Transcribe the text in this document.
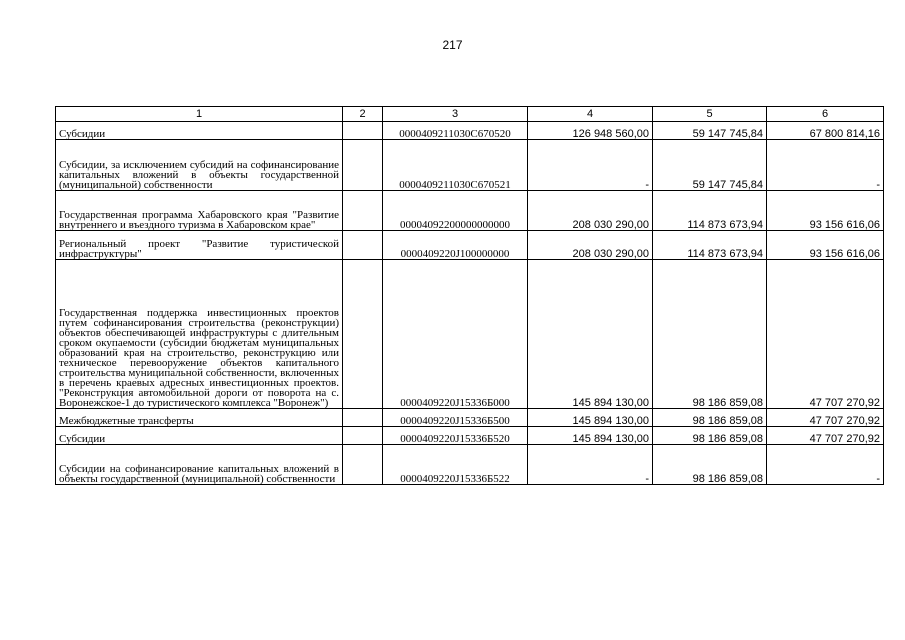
217
1	2	3	4	5	6
Субсидии		0000409211030С670520	126 948 560,00	59 147 745,84	67 800 814,16
Субсидии, за исключением субсидий на софинансирование капитальных вложений в объекты государственной (муниципальной) собственности		0000409211030С670521	-	59 147 745,84	-
Государственная программа Хабаровского края "Развитие внутреннего и въездного туризма в Хабаровском крае"		00004092200000000000	208 030 290,00	114 873 673,94	93 156 616,06
Региональный проект "Развитие туристической инфраструктуры"		0000409220J100000000	208 030 290,00	114 873 673,94	93 156 616,06
Государственная поддержка инвестиционных проектов путем софинансирования строительства (реконструкции) объектов обеспечивающей инфраструктуры с длительным сроком окупаемости (субсидии бюджетам муниципальных образований края на строительство, реконструкцию или техническое перевооружение объектов капитального строительства муниципальной собственности, включенных в перечень краевых адресных инвестиционных проектов. "Реконструкция автомобильной дороги от поворота на с. Воронежское-1 до туристического комплекса "Воронеж")		0000409220J15336Б000	145 894 130,00	98 186 859,08	47 707 270,92
Межбюджетные трансферты		0000409220J15336Б500	145 894 130,00	98 186 859,08	47 707 270,92
Субсидии		0000409220J15336Б520	145 894 130,00	98 186 859,08	47 707 270,92
Субсидии на софинансирование капитальных вложений в объекты государственной (муниципальной) собственности		0000409220J15336Б522	-	98 186 859,08	-
